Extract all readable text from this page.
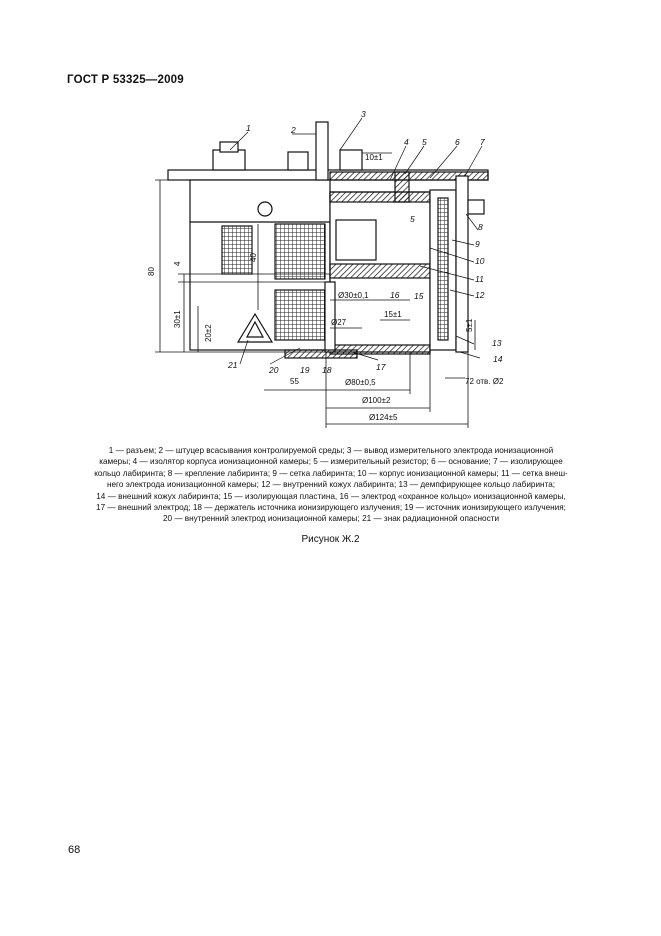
ГОСТ Р 53325—2009
1	2
3
4 5	6 7
8
9
10
11
12
13
14
15
16
17
18
19
20
21
5
10±1
80
40
4
30±1
20±2
Ø30±0,1
Ø27
15±1
5±1
55	Ø80±0,5
Ø100±2
Ø124±5
72 отв. Ø2
1 — разъем; 2 — штуцер всасывания контролируемой среды; 3 — вывод измерительного электрода ионизационной
камеры; 4 — изолятор корпуса ионизационной камеры; 5 — измерительный резистор; 6 — основание; 7 — изолирующее
кольцо лабиринта; 8 — крепление лабиринта; 9 — сетка лабиринта; 10 — корпус ионизационной камеры; 11 — сетка внеш-
него электрода ионизационной камеры; 12 — внутренний кожух лабиринта; 13 — демпфирующее кольцо лабиринта;
14 — внешний кожух лабиринта; 15 — изолирующая пластина, 16 — электрод «охранное кольцо» ионизационной камеры,
17 — внешний электрод; 18 — держатель источника ионизирующего излучения; 19 — источник ионизирующего излучения;
20 — внутренний электрод ионизационной камеры; 21 — знак радиационной опасности
Рисунок Ж.2
68
